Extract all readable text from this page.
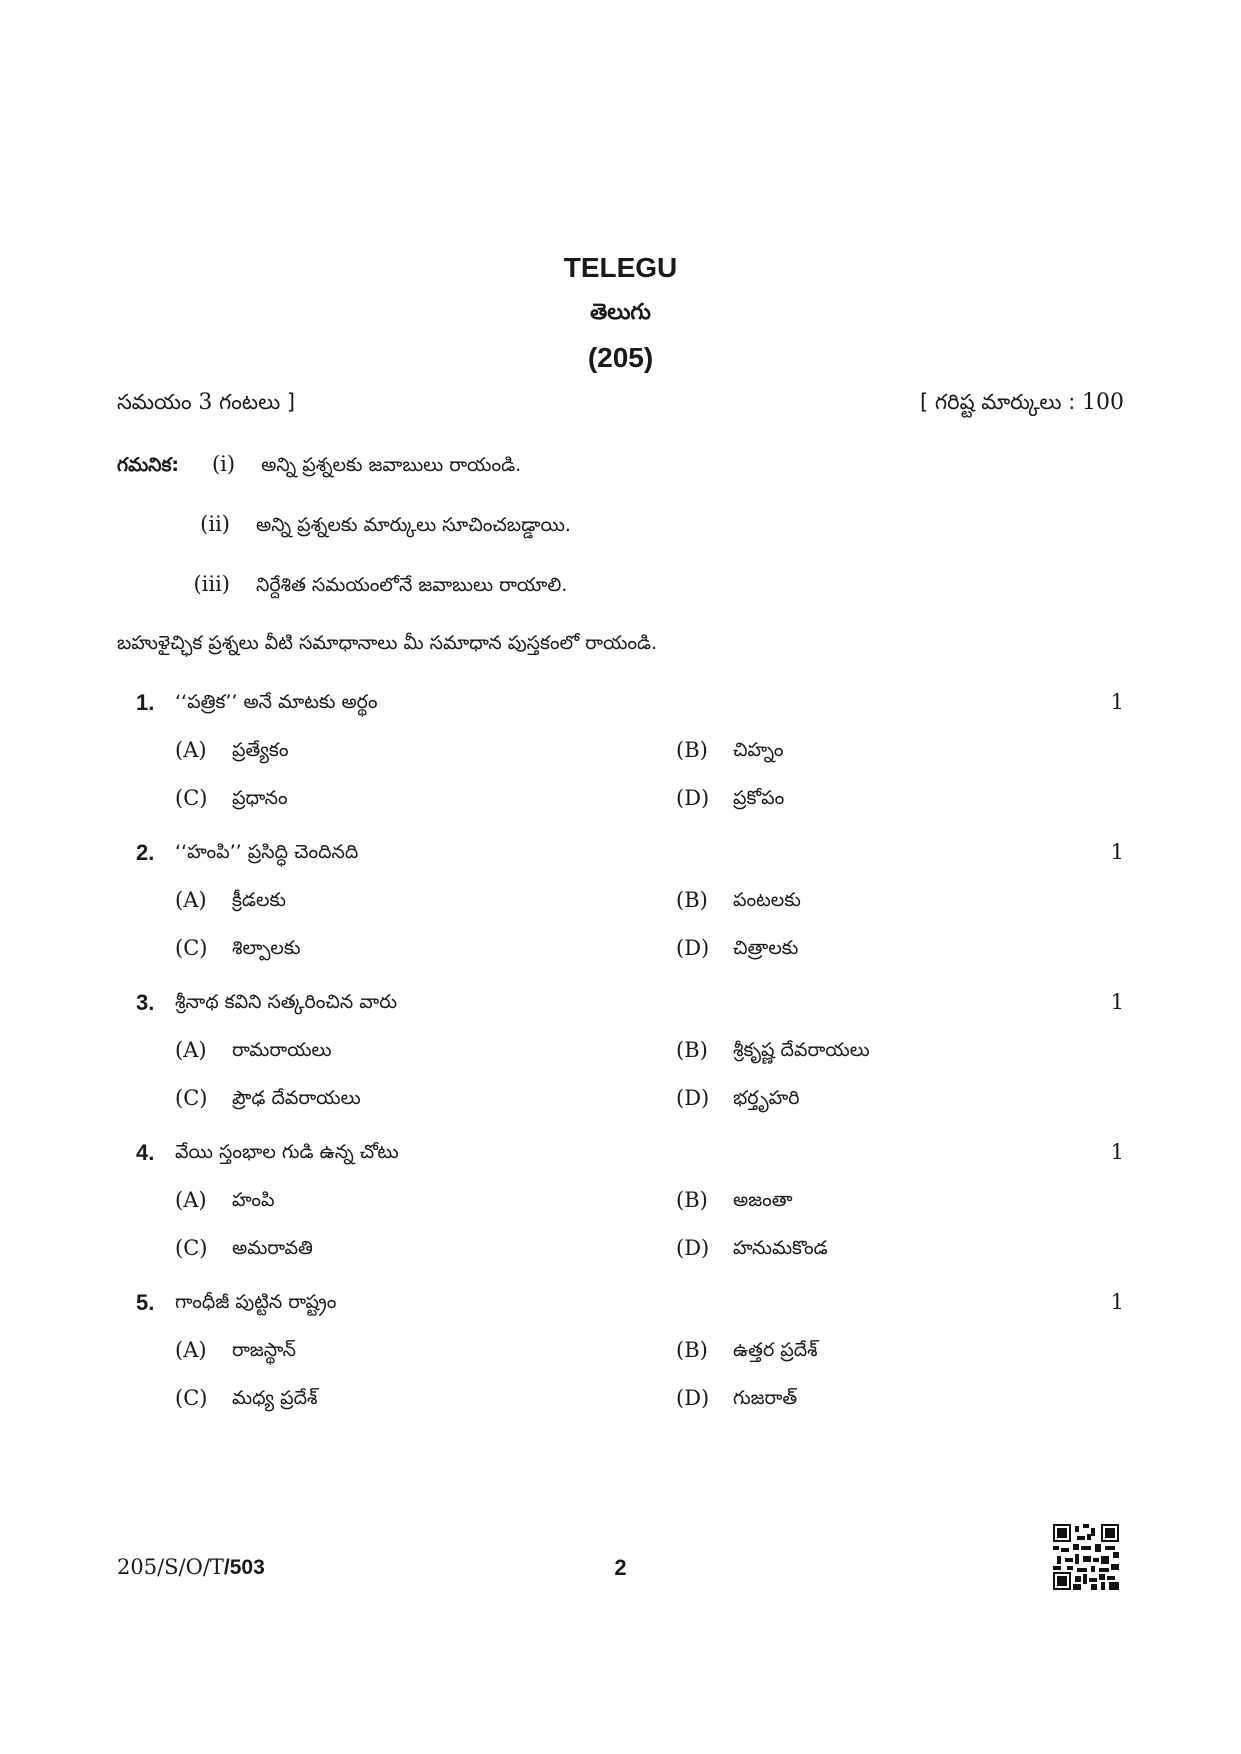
TELEGU
తెలుగు
(205)
సమయం 3 గంటలు ]	[ గరిష్ట మార్కులు : 100
గమనిక: (i) అన్ని ప్రశ్నలకు జవాబులు రాయండి.
(ii) అన్ని ప్రశ్నలకు మార్కులు సూచించబడ్డాయి.
(iii) నిర్దేశిత సమయంలోనే జవాబులు రాయాలి.
బహుళైచ్ఛిక ప్రశ్నలు వీటి సమాధానాలు మీ సమాధాన పుస్తకంలో రాయండి.
1. ‘‘పత్రిక’’ అనే మాటకు అర్థం	1
(A) ప్రత్యేకం	(B) చిహ్నం
(C) ప్రధానం	(D) ప్రకోపం
2. ‘‘హంపి’’ ప్రసిద్ధి చెందినది	1
(A) క్రీడలకు	(B) పంటలకు
(C) శిల్పాలకు	(D) చిత్రాలకు
3. శ్రీనాథ కవిని సత్కరించిన వారు	1
(A) రామరాయలు	(B) శ్రీకృష్ణ దేవరాయలు
(C) ప్రౌఢ దేవరాయలు	(D) భర్తృహరి
4. వేయి స్తంభాల గుడి ఉన్న చోటు	1
(A) హంపి	(B) అజంతా
(C) అమరావతి	(D) హనుమకొండ
5. గాంధీజీ పుట్టిన రాష్ట్రం	1
(A) రాజస్థాన్	(B) ఉత్తర ప్రదేశ్
(C) మధ్య ప్రదేశ్	(D) గుజరాత్
205/S/O/T/503	2
